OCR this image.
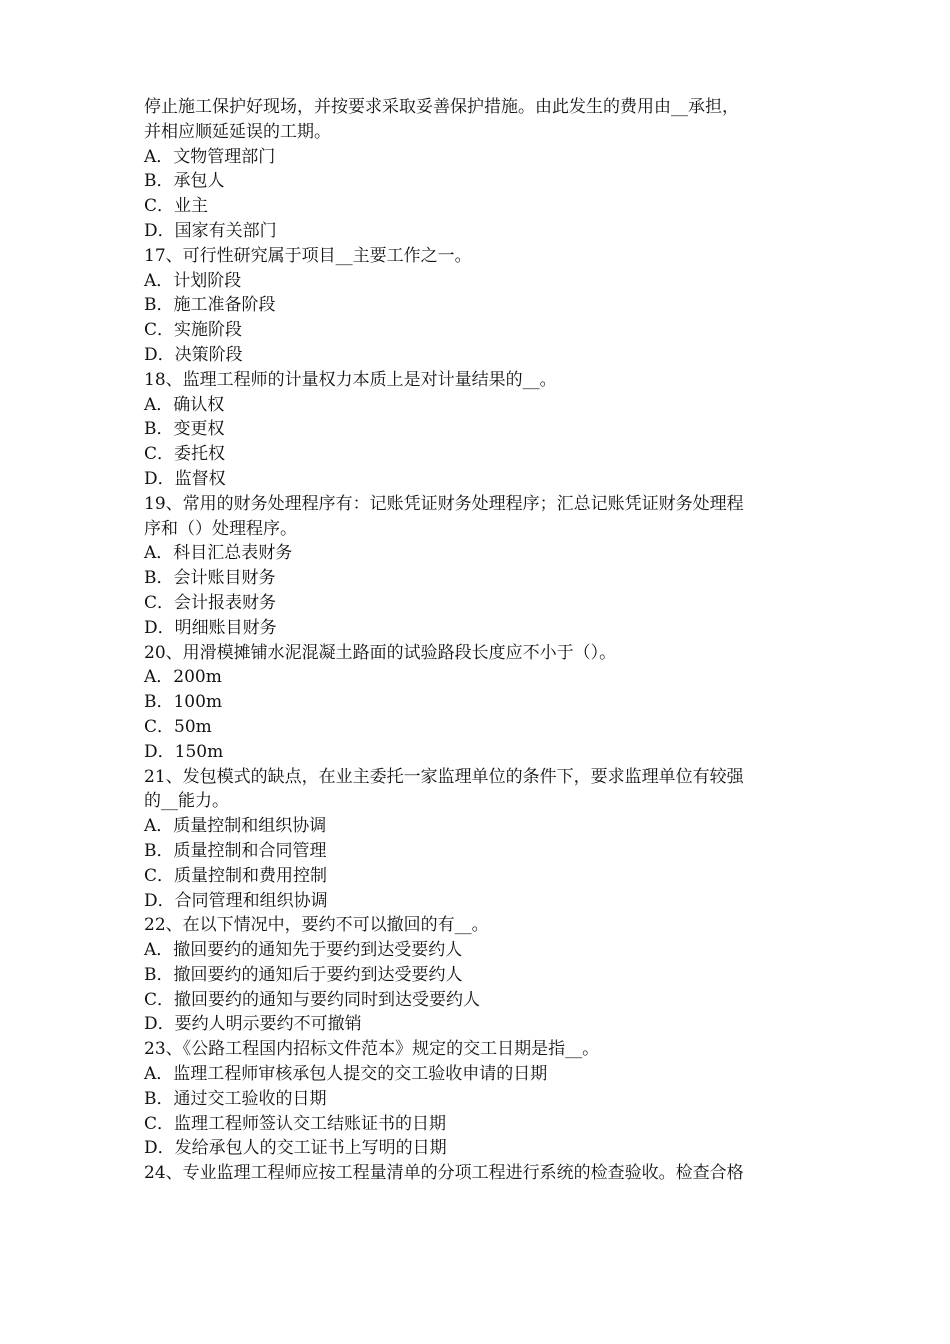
停止施工保护好现场，并按要求采取妥善保护措施。由此发生的费用由__承担，
并相应顺延延误的工期。
A．文物管理部门
B．承包人
C．业主
D．国家有关部门
17、可行性研究属于项目__主要工作之一。
A．计划阶段
B．施工准备阶段
C．实施阶段
D．决策阶段
18、监理工程师的计量权力本质上是对计量结果的__。
A．确认权
B．变更权
C．委托权
D．监督权
19、常用的财务处理程序有：记账凭证财务处理程序；汇总记账凭证财务处理程
序和（）处理程序。
A．科目汇总表财务
B．会计账目财务
C．会计报表财务
D．明细账目财务
20、用滑模摊铺水泥混凝土路面的试验路段长度应不小于（）。
A．200m
B．100m
C．50m
D．150m
21、发包模式的缺点，在业主委托一家监理单位的条件下，要求监理单位有较强
的__能力。
A．质量控制和组织协调
B．质量控制和合同管理
C．质量控制和费用控制
D．合同管理和组织协调
22、在以下情况中，要约不可以撤回的有__。
A．撤回要约的通知先于要约到达受要约人
B．撤回要约的通知后于要约到达受要约人
C．撤回要约的通知与要约同时到达受要约人
D．要约人明示要约不可撤销
23、《公路工程国内招标文件范本》规定的交工日期是指__。
A．监理工程师审核承包人提交的交工验收申请的日期
B．通过交工验收的日期
C．监理工程师签认交工结账证书的日期
D．发给承包人的交工证书上写明的日期
24、专业监理工程师应按工程量清单的分项工程进行系统的检查验收。检查合格
